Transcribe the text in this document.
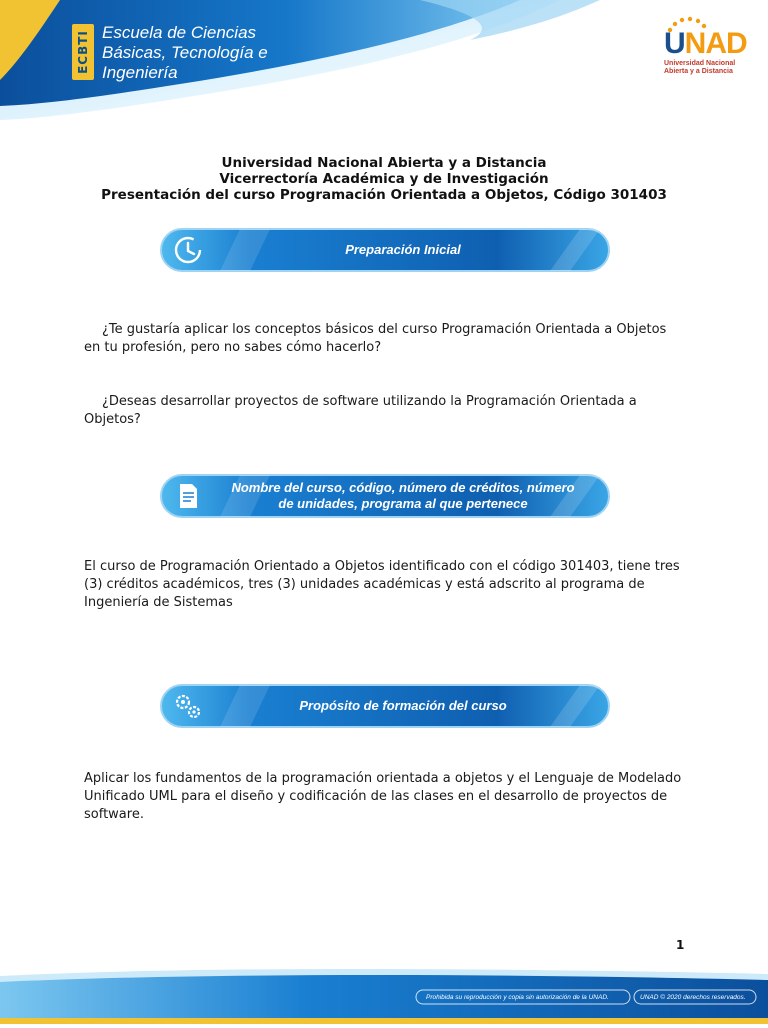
ECBTI Escuela de Ciencias
Básicas, Tecnología e
Ingeniería
UNAD
Universidad Nacional
Abierta y a Distancia
Universidad Nacional Abierta y a Distancia
Vicerrectoría Académica y de Investigación
Presentación del curso Programación Orientada a Objetos, Código 301403
Preparación Inicial
¿Te gustaría aplicar los conceptos básicos del curso Programación Orientada a Objetos en tu profesión, pero no sabes cómo hacerlo?
¿Deseas desarrollar proyectos de software utilizando la Programación Orientada a Objetos?
Nombre del curso, código, número de créditos, número
de unidades, programa al que pertenece
El curso de Programación Orientado a Objetos identificado con el código 301403, tiene tres (3) créditos académicos, tres (3) unidades académicas y está adscrito al programa de Ingeniería de Sistemas
Propósito de formación del curso
Aplicar los fundamentos de la programación orientada a objetos y el Lenguaje de Modelado Unificado UML para el diseño y codificación de las clases en el desarrollo de proyectos de software.
1
Prohibida su reproducción y copia sin autorización de la UNAD.	UNAD © 2020 derechos reservados.
